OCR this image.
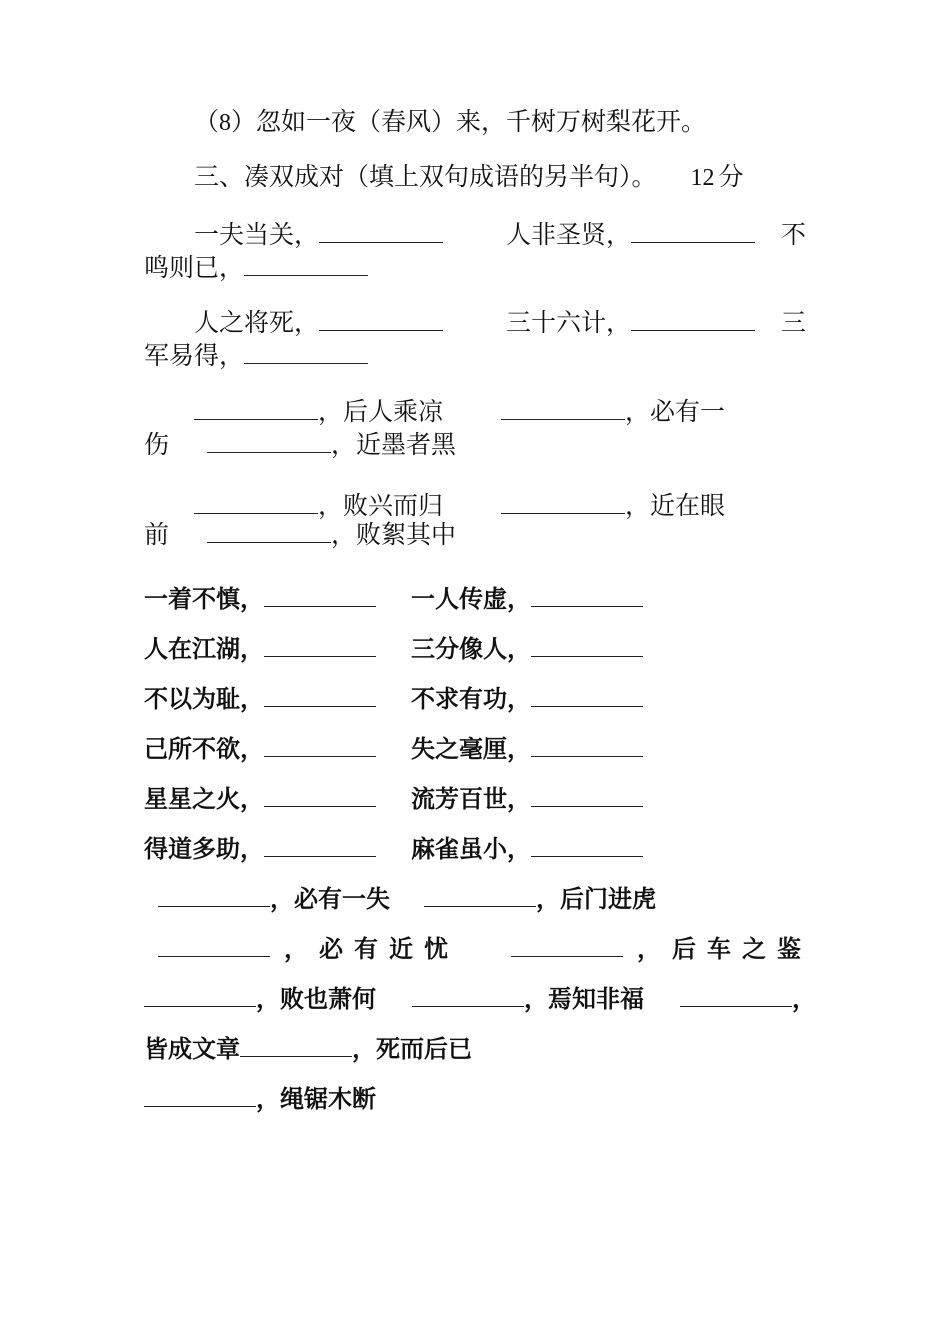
（8）忽如一夜（春风）来，千树万树梨花开。
三、凑双成对（填上双句成语的另半句）。 12 分
一夫当关，	人非圣贤，	不
鸣则已，
人之将死，	三十六计，	三
军易得，
，后人乘凉	，必有一
伤	，近墨者黑
，败兴而归	，近在眼
前	，败絮其中
一着不慎，	一人传虚，
人在江湖，	三分像人，
不以为耻，	不求有功，
己所不欲，	失之毫厘，
星星之火，	流芳百世，
得道多助，	麻雀虽小，
，必有一失	，后门进虎
，必有近忧	，后车之鉴
，败也萧何	，焉知非福	，
皆成文章	，死而后已
，绳锯木断
